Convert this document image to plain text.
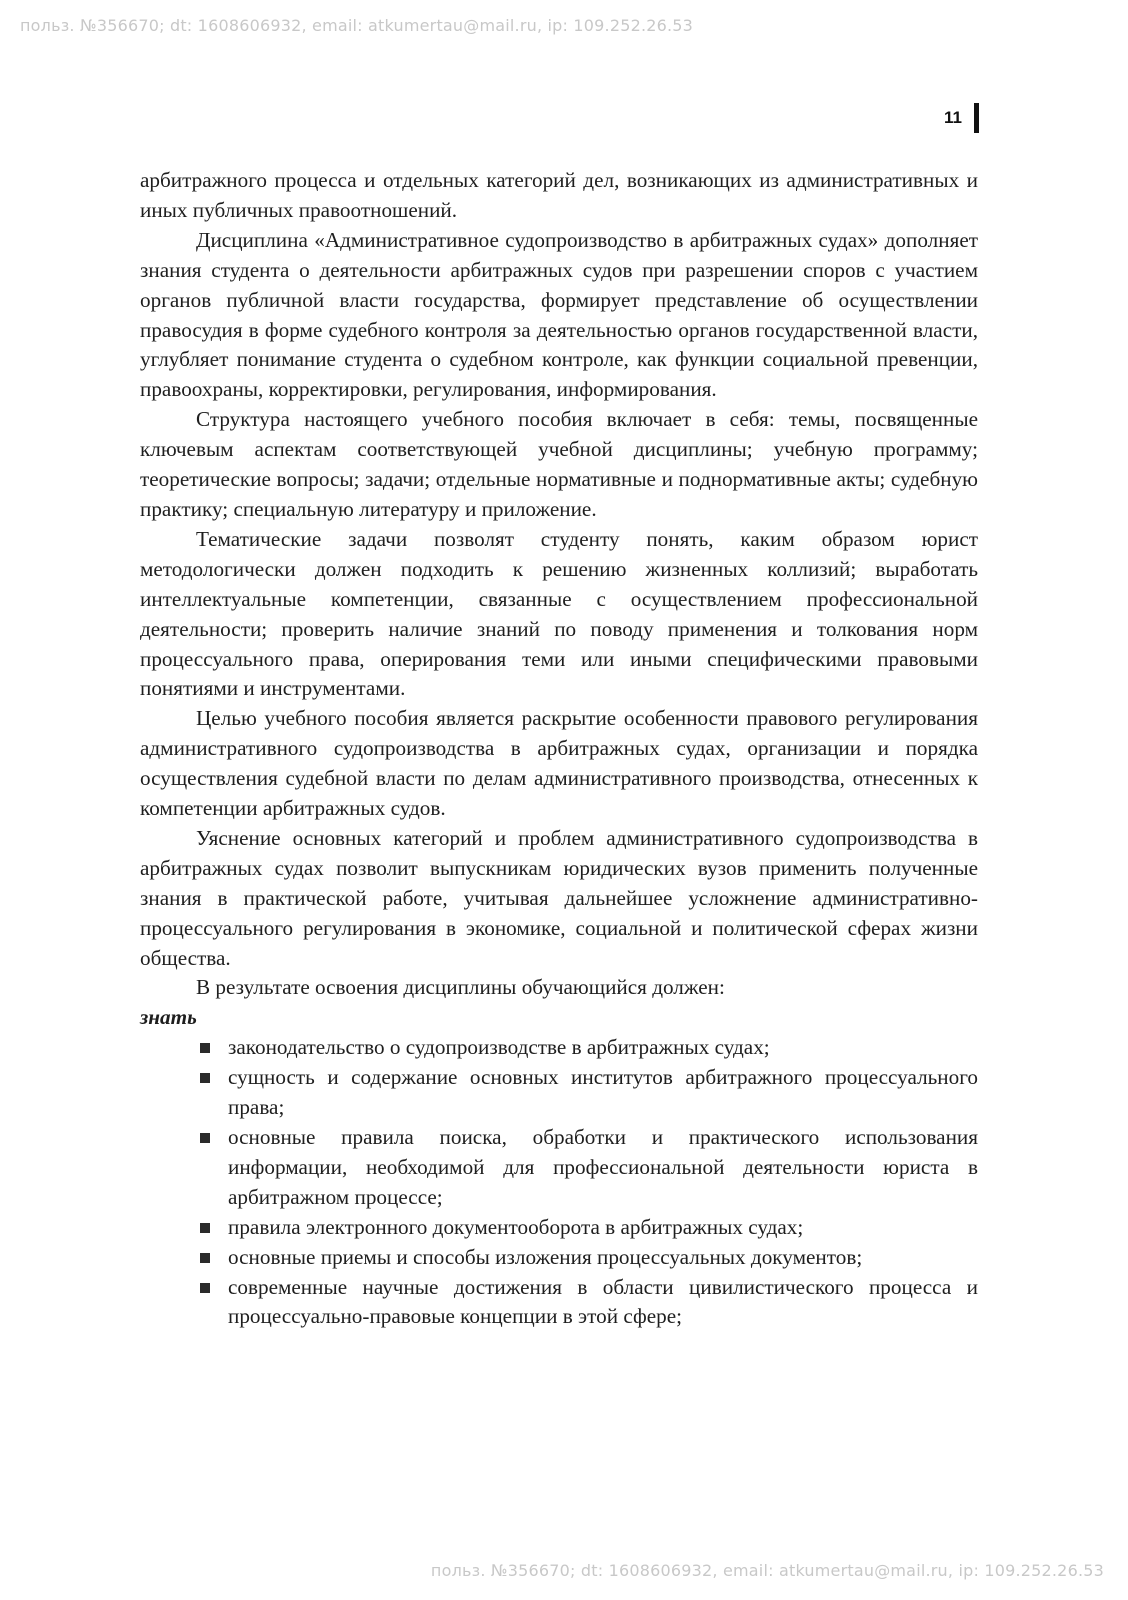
польз. №356670; dt: 1608606932, email: atkumertau@mail.ru, ip: 109.252.26.53
11

арбитражного процесса и отдельных категорий дел, возникающих из административных и иных публичных правоотношений.

Дисциплина «Административное судопроизводство в арбитражных судах» дополняет знания студента о деятельности арбитражных судов при разрешении споров с участием органов публичной власти государства, формирует представление об осуществлении правосудия в форме судебного контроля за деятельностью органов государственной власти, углубляет понимание студента о судебном контроле, как функции социальной превенции, правоохраны, корректировки, регулирования, информирования.

Структура настоящего учебного пособия включает в себя: темы, посвященные ключевым аспектам соответствующей учебной дисциплины; учебную программу; теоретические вопросы; задачи; отдельные нормативные и подноpмативные акты; судебную практику; специальную литературу и приложение.

Тематические задачи позволят студенту понять, каким образом юрист методологически должен подходить к решению жизненных коллизий; выработать интеллектуальные компетенции, связанные с осуществлением профессиональной деятельности; проверить наличие знаний по поводу применения и толкования норм процессуального права, оперирования теми или иными специфическими правовыми понятиями и инструментами.

Целью учебного пособия является раскрытие особенности правового регулирования административного судопроизводства в арбитражных судах, организации и порядка осуществления судебной власти по делам административного производства, отнесенных к компетенции арбитражных судов.

Уяснение основных категорий и проблем административного судопроизводства в арбитражных судах позволит выпускникам юридических вузов применить полученные знания в практической работе, учитывая дальнейшее усложнение административно-процессуального регулирования в экономике, социальной и политической сферах жизни общества.

В результате освоения дисциплины обучающийся должен:

знать

законодательство о судопроизводстве в арбитражных судах;
сущность и содержание основных институтов арбитражного процессуального права;
основные правила поиска, обработки и практического использования информации, необходимой для профессиональной деятельности юриста в арбитражном процессе;
правила электронного документооборота в арбитражных судах;
основные приемы и способы изложения процессуальных документов;
современные научные достижения в области цивилистического процесса и процессуально-правовые концепции в этой сфере;
польз. №356670; dt: 1608606932, email: atkumertau@mail.ru, ip: 109.252.26.53
